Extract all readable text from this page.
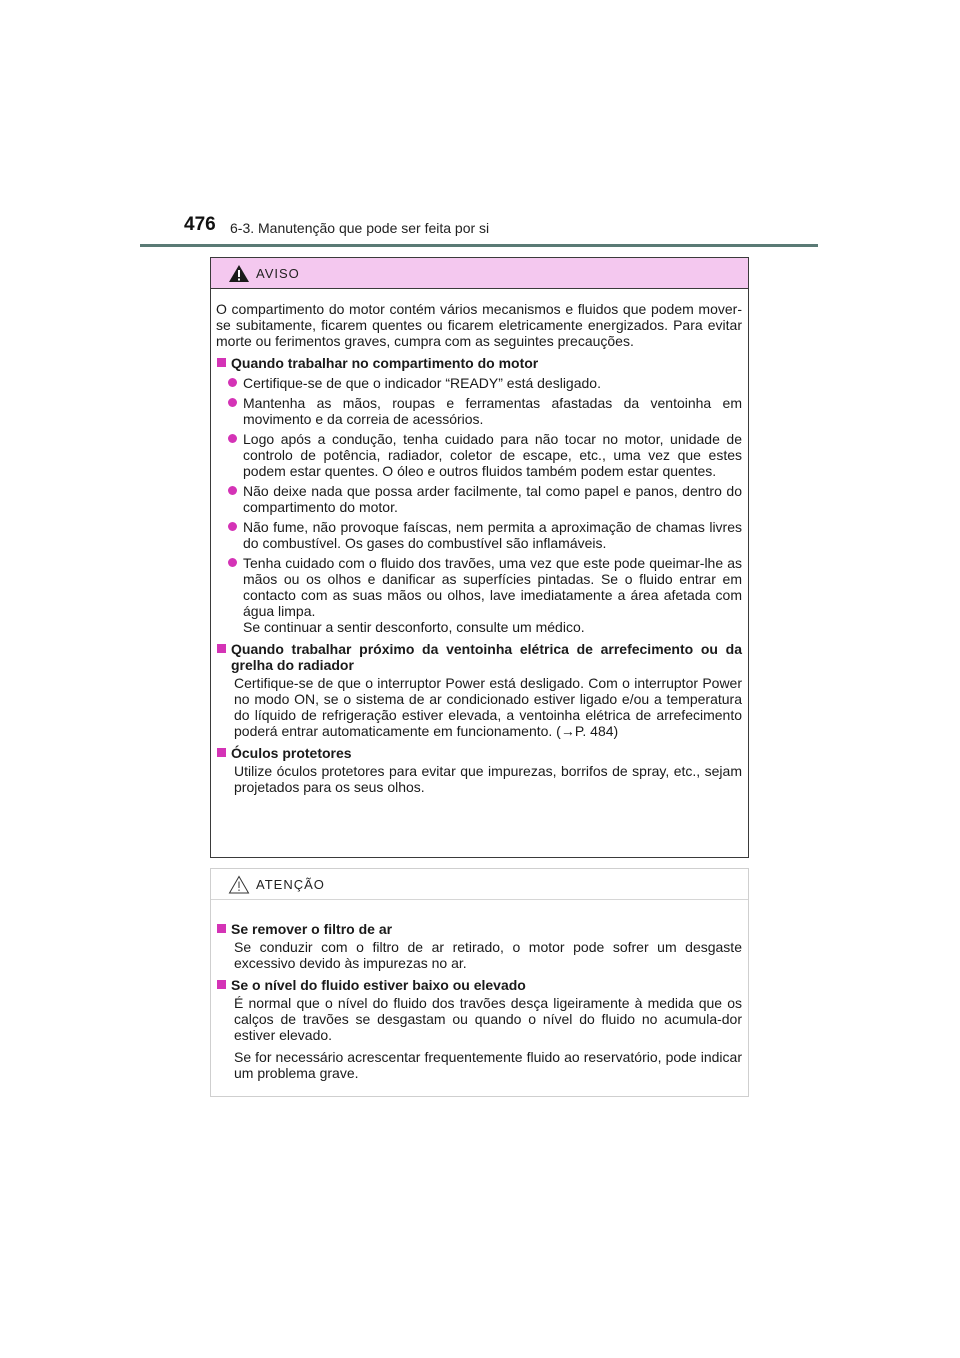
476 6-3. Manutenção que pode ser feita por si
AVISO

O compartimento do motor contém vários mecanismos e fluidos que podem mover-se subitamente, ficarem quentes ou ficarem eletricamente energizados. Para evitar morte ou ferimentos graves, cumpra com as seguintes precauções.

Quando trabalhar no compartimento do motor
Certifique-se de que o indicador “READY” está desligado.
Mantenha as mãos, roupas e ferramentas afastadas da ventoinha em movimento e da correia de acessórios.
Logo após a condução, tenha cuidado para não tocar no motor, unidade de controlo de potência, radiador, coletor de escape, etc., uma vez que estes podem estar quentes. O óleo e outros fluidos também podem estar quentes.
Não deixe nada que possa arder facilmente, tal como papel e panos, dentro do compartimento do motor.
Não fume, não provoque faíscas, nem permita a aproximação de chamas livres do combustível. Os gases do combustível são inflamáveis.
Tenha cuidado com o fluido dos travões, uma vez que este pode queimar-lhe as mãos ou os olhos e danificar as superfícies pintadas. Se o fluido entrar em contacto com as suas mãos ou olhos, lave imediatamente a área afetada com água limpa.
Se continuar a sentir desconforto, consulte um médico.
Quando trabalhar próximo da ventoinha elétrica de arrefecimento ou da grelha do radiador

Certifique-se de que o interruptor Power está desligado. Com o interruptor Power no modo ON, se o sistema de ar condicionado estiver ligado e/ou a temperatura do líquido de refrigeração estiver elevada, a ventoinha elétrica de arrefecimento poderá entrar automaticamente em funcionamento. (→P. 484)

Óculos protetores

Utilize óculos protetores para evitar que impurezas, borrifos de spray, etc., sejam projetados para os seus olhos.

ATENÇÃO
Se remover o filtro de ar

Se conduzir com o filtro de ar retirado, o motor pode sofrer um desgaste excessivo devido às impurezas no ar.

Se o nível do fluido estiver baixo ou elevado

É normal que o nível do fluido dos travões desça ligeiramente à medida que os calços de travões se desgastam ou quando o nível do fluido no acumula-dor estiver elevado.

Se for necessário acrescentar frequentemente fluido ao reservatório, pode indicar um problema grave.
